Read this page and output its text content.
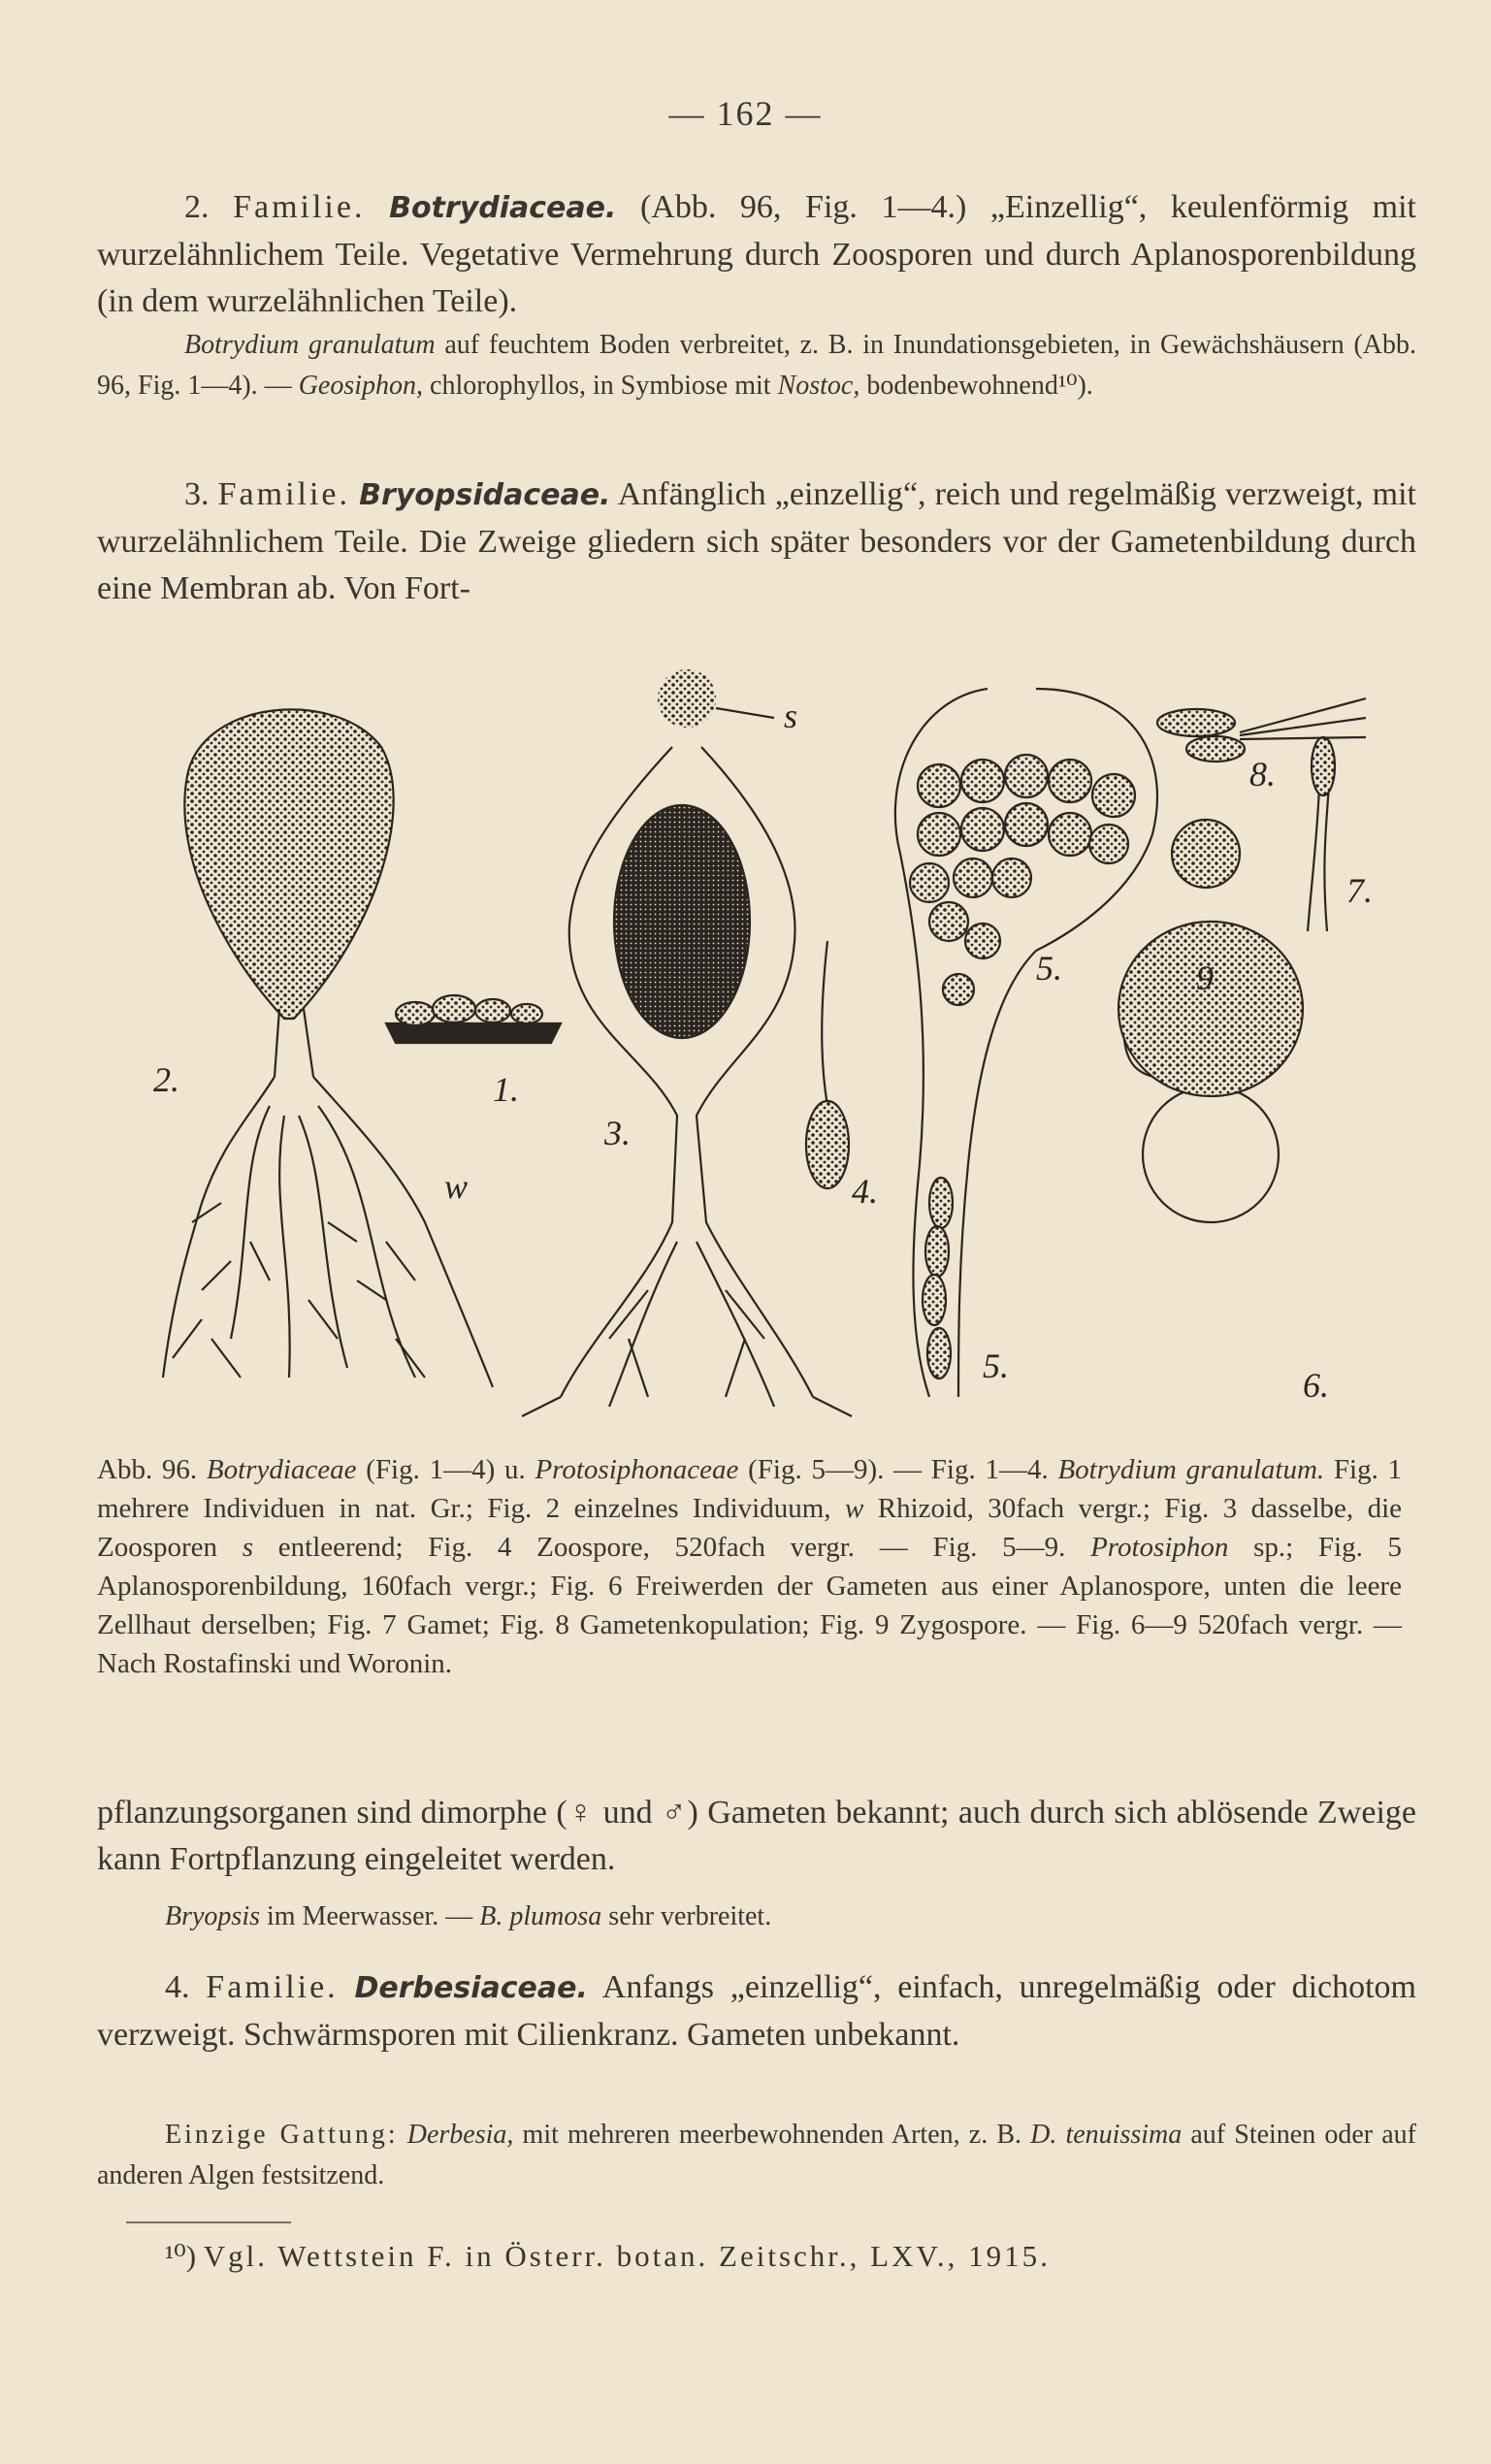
— 162 —
2. Familie. Botrydiaceae. (Abb. 96, Fig. 1—4.) „Einzellig“, keulenförmig mit wurzelähnlichem Teile. Vegetative Vermehrung durch Zoosporen und durch Aplanosporenbildung (in dem wurzelähnlichen Teile).
Botrydium granulatum auf feuchtem Boden verbreitet, z. B. in Inundationsgebieten, in Gewächshäusern (Abb. 96, Fig. 1—4). — Geosiphon, chlorophyllos, in Symbiose mit Nostoc, bodenbewohnend¹⁰).
3. Familie. Bryopsidaceae. Anfänglich „einzellig“, reich und regelmäßig verzweigt, mit wurzelähnlichem Teile. Die Zweige gliedern sich später besonders vor der Gametenbildung durch eine Membran ab. Von Fort-
1.
2.
3.
4.
5.
5.	6.
7.
8.
9
s
w
Abb. 96. Botrydiaceae (Fig. 1—4) u. Protosiphonaceae (Fig. 5—9). — Fig. 1—4. Botrydium granulatum. Fig. 1 mehrere Individuen in nat. Gr.; Fig. 2 einzelnes Individuum, w Rhizoid, 30fach vergr.; Fig. 3 dasselbe, die Zoosporen s entleerend; Fig. 4 Zoospore, 520fach vergr. — Fig. 5—9. Protosiphon sp.; Fig. 5 Aplanosporenbildung, 160fach vergr.; Fig. 6 Freiwerden der Gameten aus einer Aplanospore, unten die leere Zellhaut derselben; Fig. 7 Gamet; Fig. 8 Gametenkopulation; Fig. 9 Zygospore. — Fig. 6—9 520fach vergr. — Nach Rostafinski und Woronin.
pflanzungsorganen sind dimorphe (♀ und ♂) Gameten bekannt; auch durch sich ablösende Zweige kann Fortpflanzung eingeleitet werden.
Bryopsis im Meerwasser. — B. plumosa sehr verbreitet.
4. Familie. Derbesiaceae. Anfangs „einzellig“, einfach, unregelmäßig oder dichotom verzweigt. Schwärmsporen mit Cilienkranz. Gameten unbekannt.
Einzige Gattung: Derbesia, mit mehreren meerbewohnenden Arten, z. B. D. tenuissima auf Steinen oder auf anderen Algen festsitzend.
¹⁰) Vgl. Wettstein F. in Österr. botan. Zeitschr., LXV., 1915.
